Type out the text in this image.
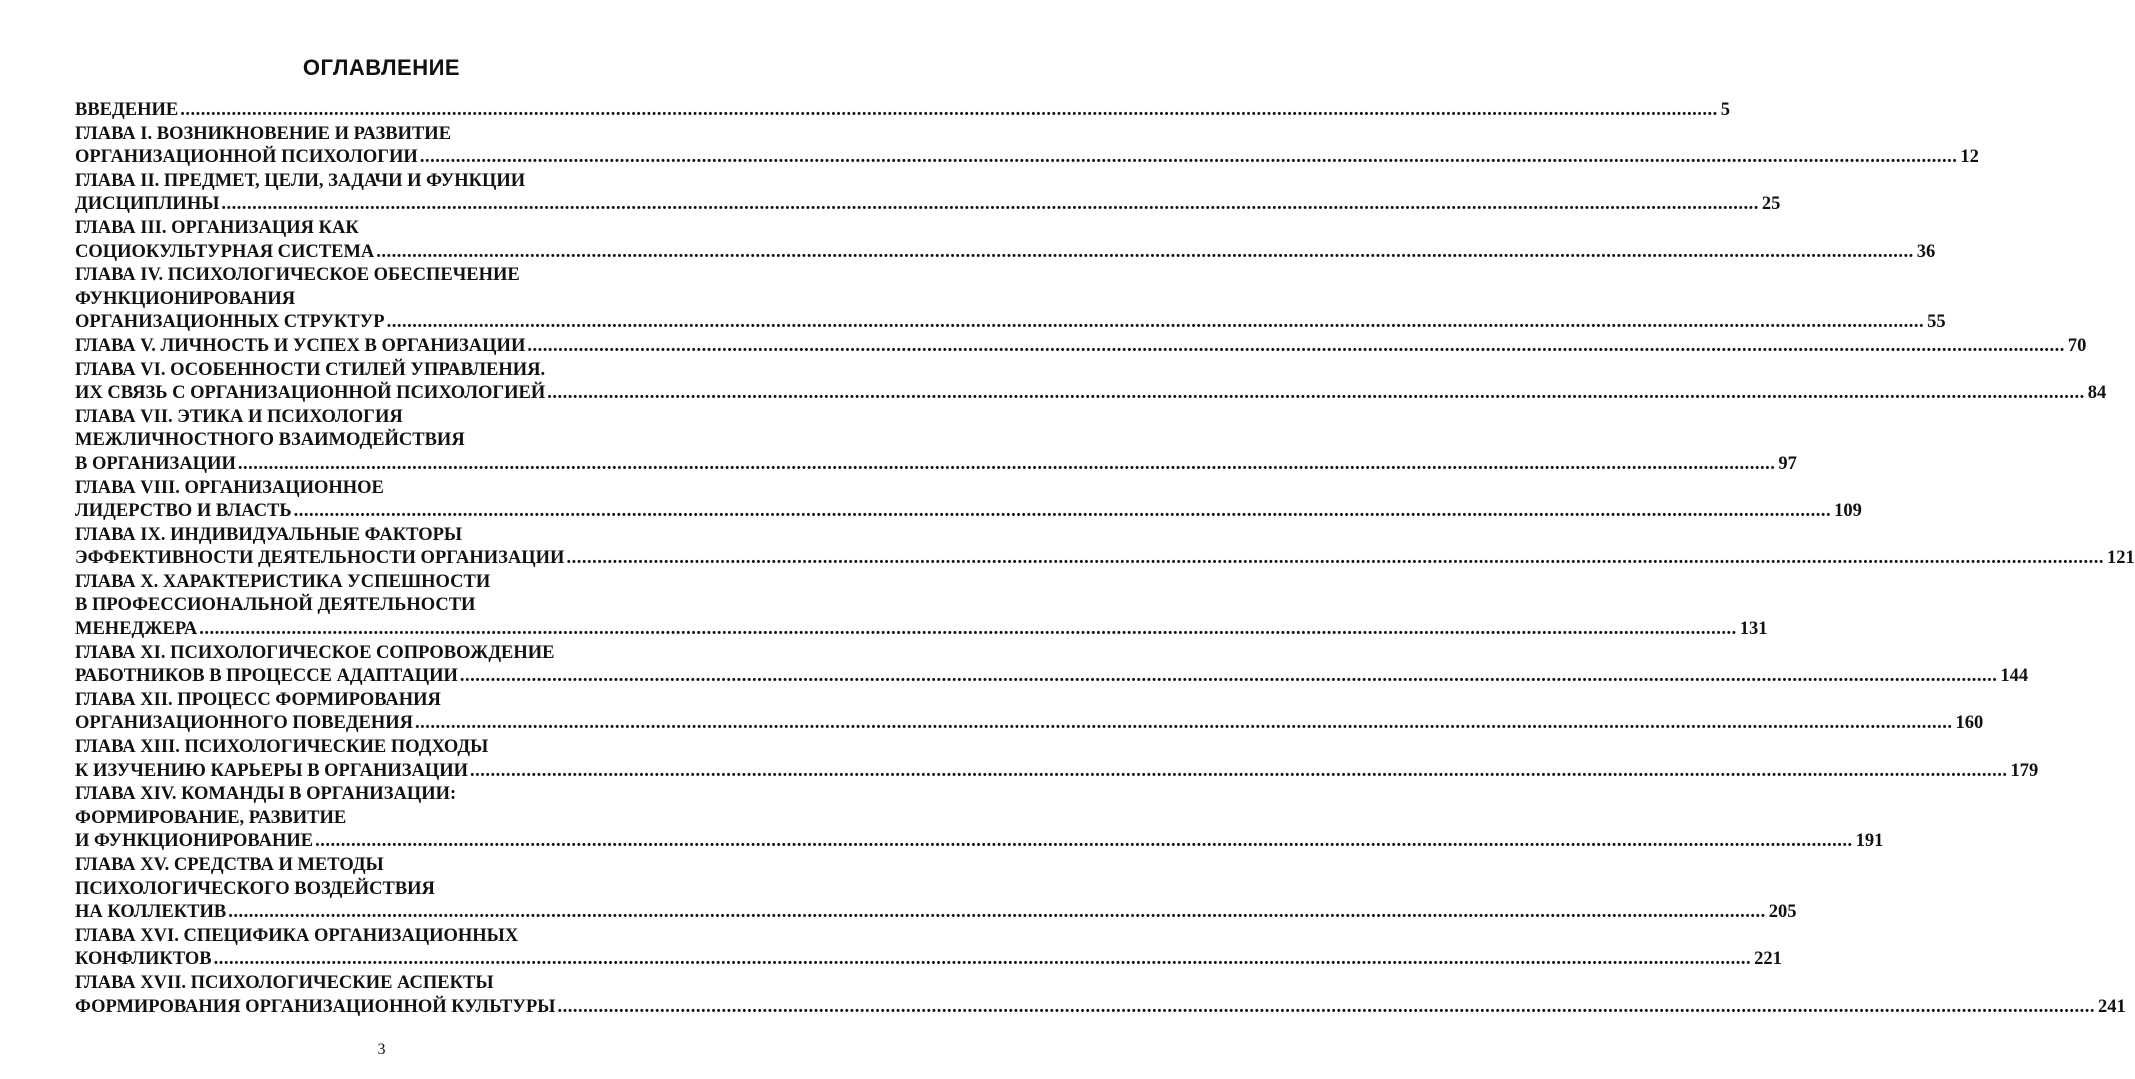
ОГЛАВЛЕНИЕ
ВВЕДЕНИЕ ............................................................................................................................................................................................................................................................................................................ 5
ГЛАВА I. ВОЗНИКНОВЕНИЕ И РАЗВИТИЕ
ОРГАНИЗАЦИОННОЙ ПСИХОЛОГИИ ............................................................................................................................................................................................................................................................................................................ 12
ГЛАВА II. ПРЕДМЕТ, ЦЕЛИ, ЗАДАЧИ И ФУНКЦИИ
ДИСЦИПЛИНЫ ............................................................................................................................................................................................................................................................................................................ 25
ГЛАВА III. ОРГАНИЗАЦИЯ КАК
СОЦИОКУЛЬТУРНАЯ СИСТЕМА ............................................................................................................................................................................................................................................................................................................ 36
ГЛАВА IV. ПСИХОЛОГИЧЕСКОЕ ОБЕСПЕЧЕНИЕ
ФУНКЦИОНИРОВАНИЯ
ОРГАНИЗАЦИОННЫХ СТРУКТУР ............................................................................................................................................................................................................................................................................................................ 55
ГЛАВА V. ЛИЧНОСТЬ И УСПЕХ В ОРГАНИЗАЦИИ ............................................................................................................................................................................................................................................................................................................ 70
ГЛАВА VI. ОСОБЕННОСТИ СТИЛЕЙ УПРАВЛЕНИЯ.
ИХ СВЯЗЬ С ОРГАНИЗАЦИОННОЙ ПСИХОЛОГИЕЙ ............................................................................................................................................................................................................................................................................................................ 84
ГЛАВА VII. ЭТИКА И ПСИХОЛОГИЯ
МЕЖЛИЧНОСТНОГО ВЗАИМОДЕЙСТВИЯ
В ОРГАНИЗАЦИИ ............................................................................................................................................................................................................................................................................................................ 97
ГЛАВА VIII. ОРГАНИЗАЦИОННОЕ
ЛИДЕРСТВО И ВЛАСТЬ ............................................................................................................................................................................................................................................................................................................ 109
ГЛАВА IX. ИНДИВИДУАЛЬНЫЕ ФАКТОРЫ
ЭФФЕКТИВНОСТИ ДЕЯТЕЛЬНОСТИ ОРГАНИЗАЦИИ ............................................................................................................................................................................................................................................................................................................ 121
ГЛАВА X. ХАРАКТЕРИСТИКА УСПЕШНОСТИ
В ПРОФЕССИОНАЛЬНОЙ ДЕЯТЕЛЬНОСТИ
МЕНЕДЖЕРА ............................................................................................................................................................................................................................................................................................................ 131
ГЛАВА XI. ПСИХОЛОГИЧЕСКОЕ СОПРОВОЖДЕНИЕ
РАБОТНИКОВ В ПРОЦЕССЕ АДАПТАЦИИ ............................................................................................................................................................................................................................................................................................................ 144
ГЛАВА XII. ПРОЦЕСС ФОРМИРОВАНИЯ
ОРГАНИЗАЦИОННОГО ПОВЕДЕНИЯ ............................................................................................................................................................................................................................................................................................................ 160
ГЛАВА XIII. ПСИХОЛОГИЧЕСКИЕ ПОДХОДЫ
К ИЗУЧЕНИЮ КАРЬЕРЫ В ОРГАНИЗАЦИИ ............................................................................................................................................................................................................................................................................................................ 179
ГЛАВА XIV. КОМАНДЫ В ОРГАНИЗАЦИИ:
ФОРМИРОВАНИЕ, РАЗВИТИЕ
И ФУНКЦИОНИРОВАНИЕ ............................................................................................................................................................................................................................................................................................................ 191
ГЛАВА XV. СРЕДСТВА И МЕТОДЫ
ПСИХОЛОГИЧЕСКОГО ВОЗДЕЙСТВИЯ
НА КОЛЛЕКТИВ ............................................................................................................................................................................................................................................................................................................ 205
ГЛАВА XVI. СПЕЦИФИКА ОРГАНИЗАЦИОННЫХ
КОНФЛИКТОВ ............................................................................................................................................................................................................................................................................................................ 221
ГЛАВА XVII. ПСИХОЛОГИЧЕСКИЕ АСПЕКТЫ
ФОРМИРОВАНИЯ ОРГАНИЗАЦИОННОЙ КУЛЬТУРЫ ............................................................................................................................................................................................................................................................................................................ 241
3
